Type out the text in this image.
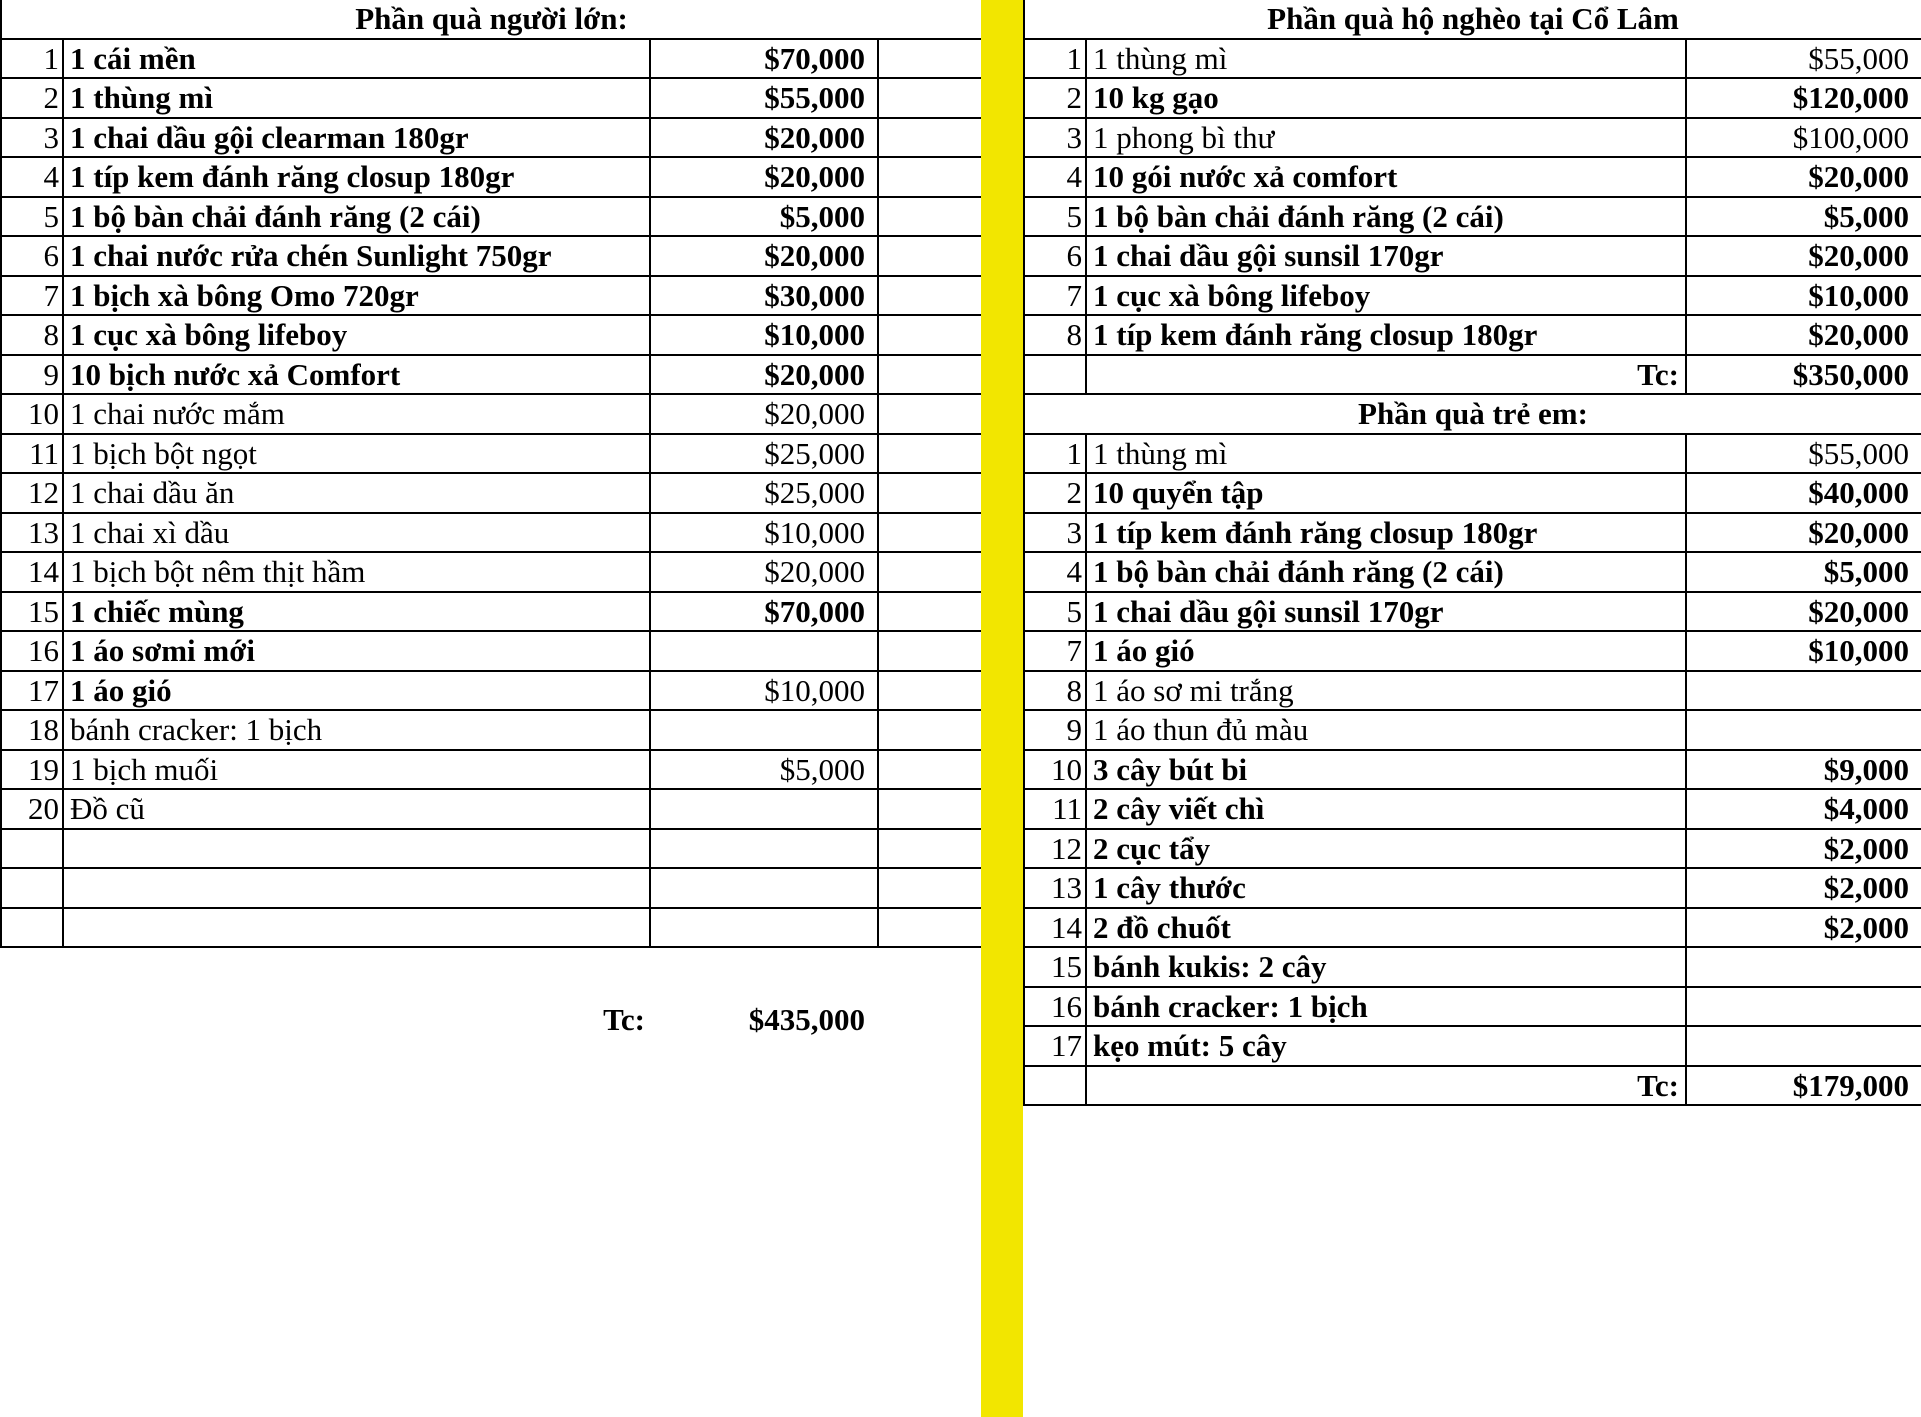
Phần quà người lớn:			
1	1 cái mền	$70,000	
2	1 thùng mì	$55,000	
3	1 chai dầu gội clearman 180gr	$20,000	
4	1 típ kem đánh răng closup 180gr	$20,000	
5	1 bộ bàn chải đánh răng (2 cái)	$5,000	
6	1 chai nước rửa chén Sunlight 750gr	$20,000	
7	1 bịch xà bông Omo 720gr	$30,000	
8	1 cục xà bông lifeboy	$10,000	
9	10 bịch nước xả Comfort	$20,000	
10	1 chai nước mắm	$20,000	
11	1 bịch bột ngọt	$25,000	
12	1 chai dầu ăn	$25,000	
13	1 chai xì dầu	$10,000	
14	1 bịch bột nêm thịt hầm	$20,000	
15	1 chiếc mùng	$70,000	
16	1 áo sơmi mới		
17	1 áo gió	$10,000	
18	bánh cracker: 1 bịch		
19	1 bịch muối	$5,000	
20	Đồ cũ		

Tc:	$435,000
Phần quà hộ nghèo tại Cổ Lâm		
1	1 thùng mì	$55,000
2	10 kg gạo	$120,000
3	1 phong bì thư	$100,000
4	10 gói nước xả comfort	$20,000
5	1 bộ bàn chải đánh răng (2 cái)	$5,000
6	1 chai dầu gội sunsil 170gr	$20,000
7	1 cục xà bông lifeboy	$10,000
8	1 típ kem đánh răng closup 180gr	$20,000
	Tc:	$350,000
Phần quà trẻ em:		
1	1 thùng mì	$55,000
2	10 quyển tập	$40,000
3	1 típ kem đánh răng closup 180gr	$20,000
4	1 bộ bàn chải đánh răng (2 cái)	$5,000
5	1 chai dầu gội sunsil 170gr	$20,000
7	1 áo gió	$10,000
8	1 áo sơ mi trắng	
9	1 áo thun đủ màu	
10	3 cây bút bi	$9,000
11	2 cây viết chì	$4,000
12	2 cục tẩy	$2,000
13	1 cây thước	$2,000
14	2 đồ chuốt	$2,000
15	bánh kukis: 2 cây	
16	bánh cracker: 1 bịch	
17	kẹo mút: 5 cây	
	Tc:	$179,000
